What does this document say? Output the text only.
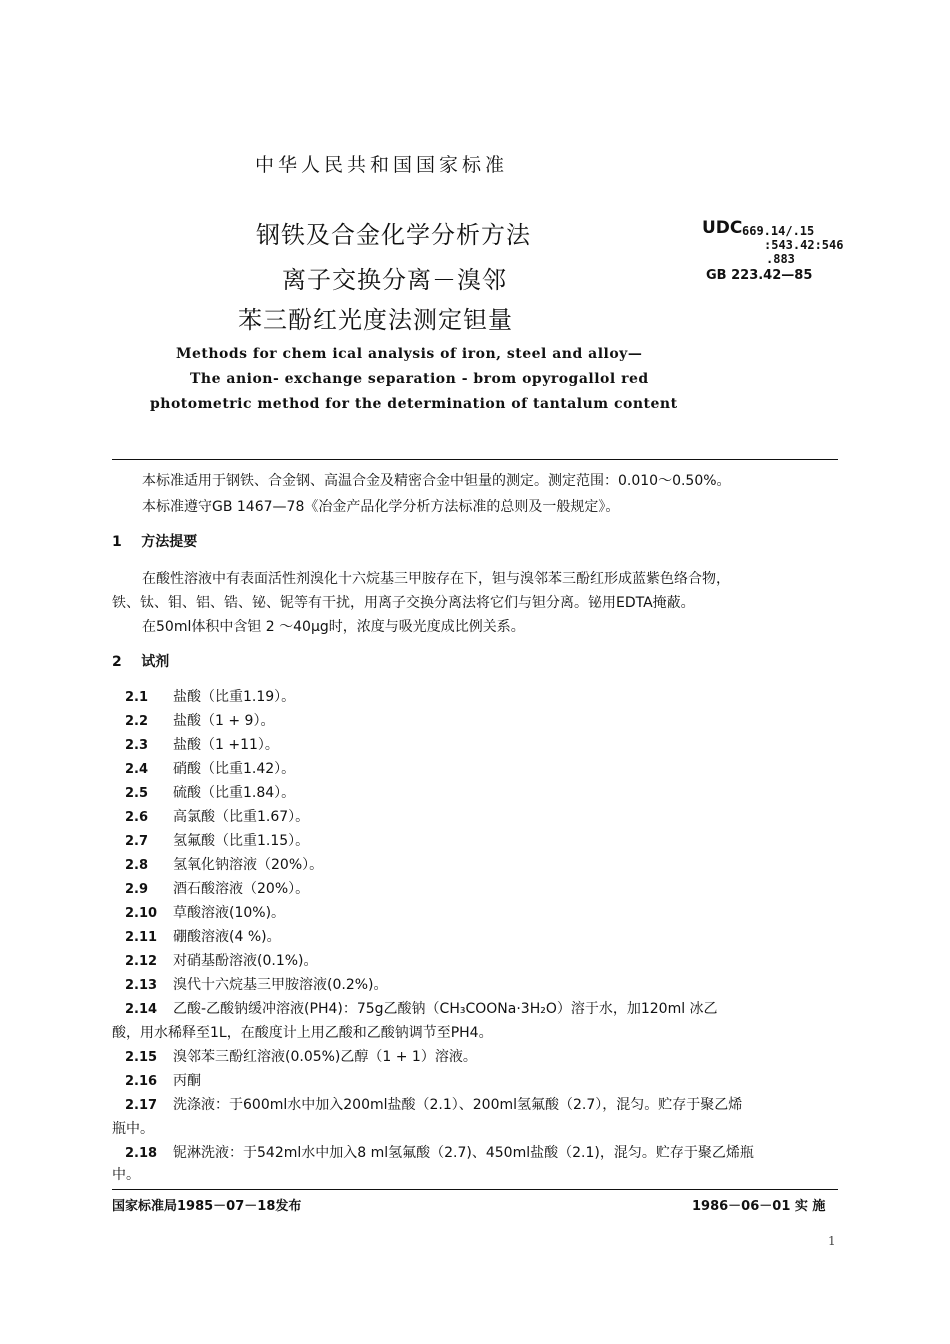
中华人民共和国国家标准
钢铁及合金化学分析方法
离子交换分离－溴邻
苯三酚红光度法测定钽量
UDC 669.14/.15
:543.42:546
.883
GB 223.42—85
Methods for chem ical analysis of iron, steel and alloy—
The anion- exchange separation - brom opyrogallol red
photometric method for the determination of tantalum content
本标准适用于钢铁、合金钢、高温合金及精密合金中钽量的测定。测定范围：0.010～0.50%。
本标准遵守GB 1467—78《冶金产品化学分析方法标准的总则及一般规定》。
1 方法提要
在酸性溶液中有表面活性剂溴化十六烷基三甲胺存在下，钽与溴邻苯三酚红形成蓝紫色络合物，
铁、钛、钼、铝、锆、铋、铌等有干扰，用离子交换分离法将它们与钽分离。铋用EDTA掩蔽。
在50ml体积中含钽 2 ～40μg时，浓度与吸光度成比例关系。
2 试剂
2.1 盐酸（比重1.19）。
2.2 盐酸（1 + 9）。
2.3 盐酸（1 +11）。
2.4 硝酸（比重1.42）。
2.5 硫酸（比重1.84）。
2.6 高氯酸（比重1.67）。
2.7 氢氟酸（比重1.15）。
2.8 氢氧化钠溶液（20%）。
2.9 酒石酸溶液（20%）。
2.10 草酸溶液(10%)。
2.11 硼酸溶液(4 %)。
2.12 对硝基酚溶液(0.1%)。
2.13 溴代十六烷基三甲胺溶液(0.2%)。
2.14 乙酸-乙酸钠缓冲溶液(PH4)：75g乙酸钠（CH₃COONa·3H₂O）溶于水，加120ml 冰乙
酸，用水稀释至1L，在酸度计上用乙酸和乙酸钠调节至PH4。
2.15 溴邻苯三酚红溶液(0.05%)乙醇（1 + 1）溶液。
2.16 丙酮
2.17 洗涤液：于600ml水中加入200ml盐酸（2.1）、200ml氢氟酸（2.7），混匀。贮存于聚乙烯
瓶中。
2.18 铌淋洗液：于542ml水中加入8 ml氢氟酸（2.7)、450ml盐酸（2.1)，混匀。贮存于聚乙烯瓶
中。
国家标准局1985－07－18发布	1986－06－01 实 施
1
